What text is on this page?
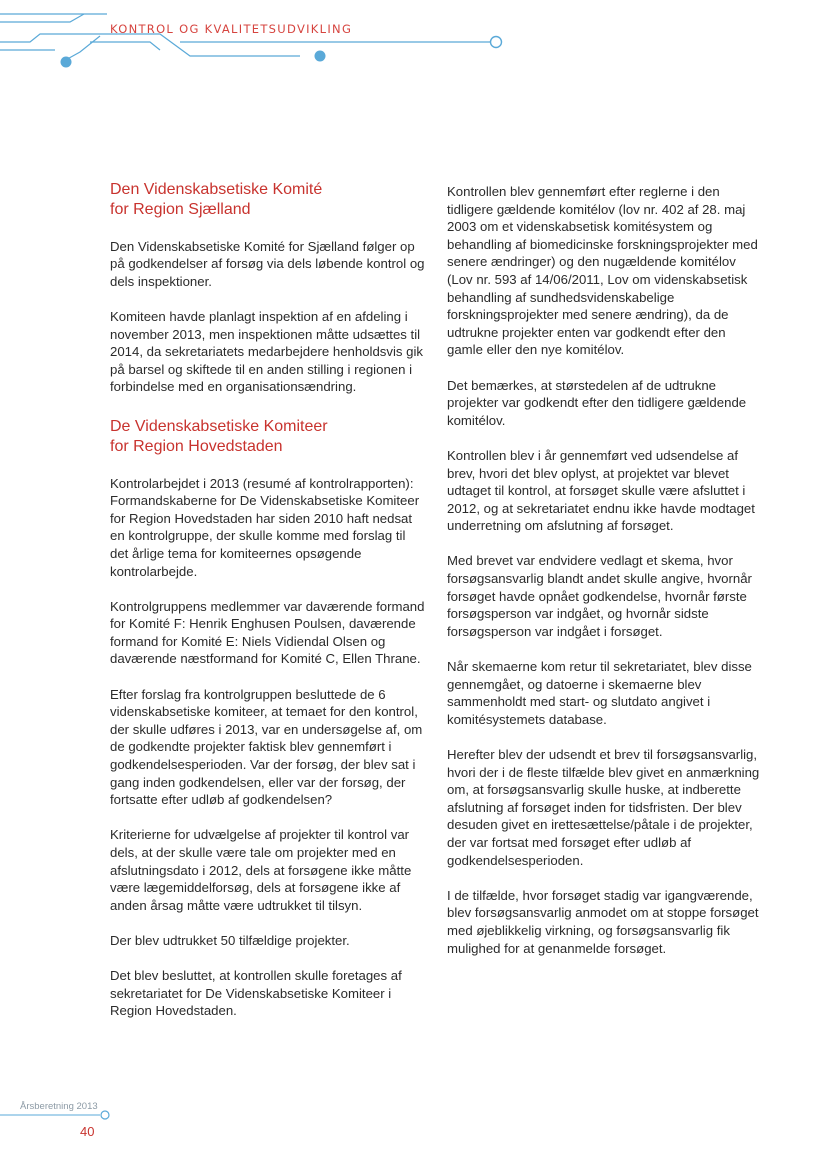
KONTROL OG KVALITETSUDVIKLING
Den Videnskabsetiske Komité
for Region Sjælland

Den Videnskabsetiske Komité for Sjælland følger op på godkendelser af forsøg via dels løbende kontrol og dels inspektioner.

Komiteen havde planlagt inspektion af en afdeling i november 2013, men inspektionen måtte udsættes til 2014, da sekretariatets medarbejdere henholdsvis gik på barsel og skiftede til en anden stilling i regionen i forbindelse med en organisationsændring.

De Videnskabsetiske Komiteer
for Region Hovedstaden

Kontrolarbejdet i 2013 (resumé af kontrolrapporten): Formandskaberne for De Videnskabsetiske Komiteer for Region Hovedstaden har siden 2010 haft nedsat en kontrolgruppe, der skulle komme med forslag til det årlige tema for komiteernes opsøgende kontrolarbejde.

Kontrolgruppens medlemmer var daværende formand for Komité F: Henrik Enghusen Poulsen, daværende formand for Komité E: Niels Vidiendal Olsen og daværende næstformand for Komité C, Ellen Thrane.

Efter forslag fra kontrolgruppen besluttede de 6 videnskabsetiske komiteer, at temaet for den kontrol, der skulle udføres i 2013, var en undersøgelse af, om de godkendte projekter faktisk blev gennemført i godkendelsesperioden. Var der forsøg, der blev sat i gang inden godkendelsen, eller var der forsøg, der fortsatte efter udløb af godkendelsen?

Kriterierne for udvælgelse af projekter til kontrol var dels, at der skulle være tale om projekter med en afslutningsdato i 2012, dels at forsøgene ikke måtte være lægemiddelforsøg, dels at forsøgene ikke af anden årsag måtte være udtrukket til tilsyn.

Der blev udtrukket 50 tilfældige projekter.

Det blev besluttet, at kontrollen skulle foretages af sekretariatet for De Videnskabsetiske Komiteer i Region Hovedstaden.

Kontrollen blev gennemført efter reglerne i den tidligere gældende komitélov (lov nr. 402 af 28. maj 2003 om et videnskabsetisk komitésystem og behandling af biomedicinske forskningsprojekter med senere ændringer) og den nugældende komitélov (Lov nr. 593 af 14/06/2011, Lov om videnskabsetisk behandling af sundhedsvidenskabelige forskningsprojekter med senere ændring), da de udtrukne projekter enten var godkendt efter den gamle eller den nye komitélov.

Det bemærkes, at størstedelen af de udtrukne projekter var godkendt efter den tidligere gældende komitélov.

Kontrollen blev i år gennemført ved udsendelse af brev, hvori det blev oplyst, at projektet var blevet udtaget til kontrol, at forsøget skulle være afsluttet i 2012, og at sekretariatet endnu ikke havde modtaget underretning om afslutning af forsøget.

Med brevet var endvidere vedlagt et skema, hvor forsøgsansvarlig blandt andet skulle angive, hvornår forsøget havde opnået godkendelse, hvornår første forsøgsperson var indgået, og hvornår sidste forsøgsperson var indgået i forsøget.

Når skemaerne kom retur til sekretariatet, blev disse gennemgået, og datoerne i skemaerne blev sammenholdt med start- og slutdato angivet i komitésystemets database.

Herefter blev der udsendt et brev til forsøgsansvarlig, hvori der i de fleste tilfælde blev givet en anmærkning om, at forsøgsansvarlig skulle huske, at indberette afslutning af forsøget inden for tidsfristen. Der blev desuden givet en irettesættelse/påtale i de projekter, der var fortsat med forsøget efter udløb af godkendelsesperioden.

I de tilfælde, hvor forsøget stadig var igangværende, blev forsøgsansvarlig anmodet om at stoppe forsøget med øjeblikkelig virkning, og forsøgsansvarlig fik mulighed for at genanmelde forsøget.

Årsberetning 2013
40
